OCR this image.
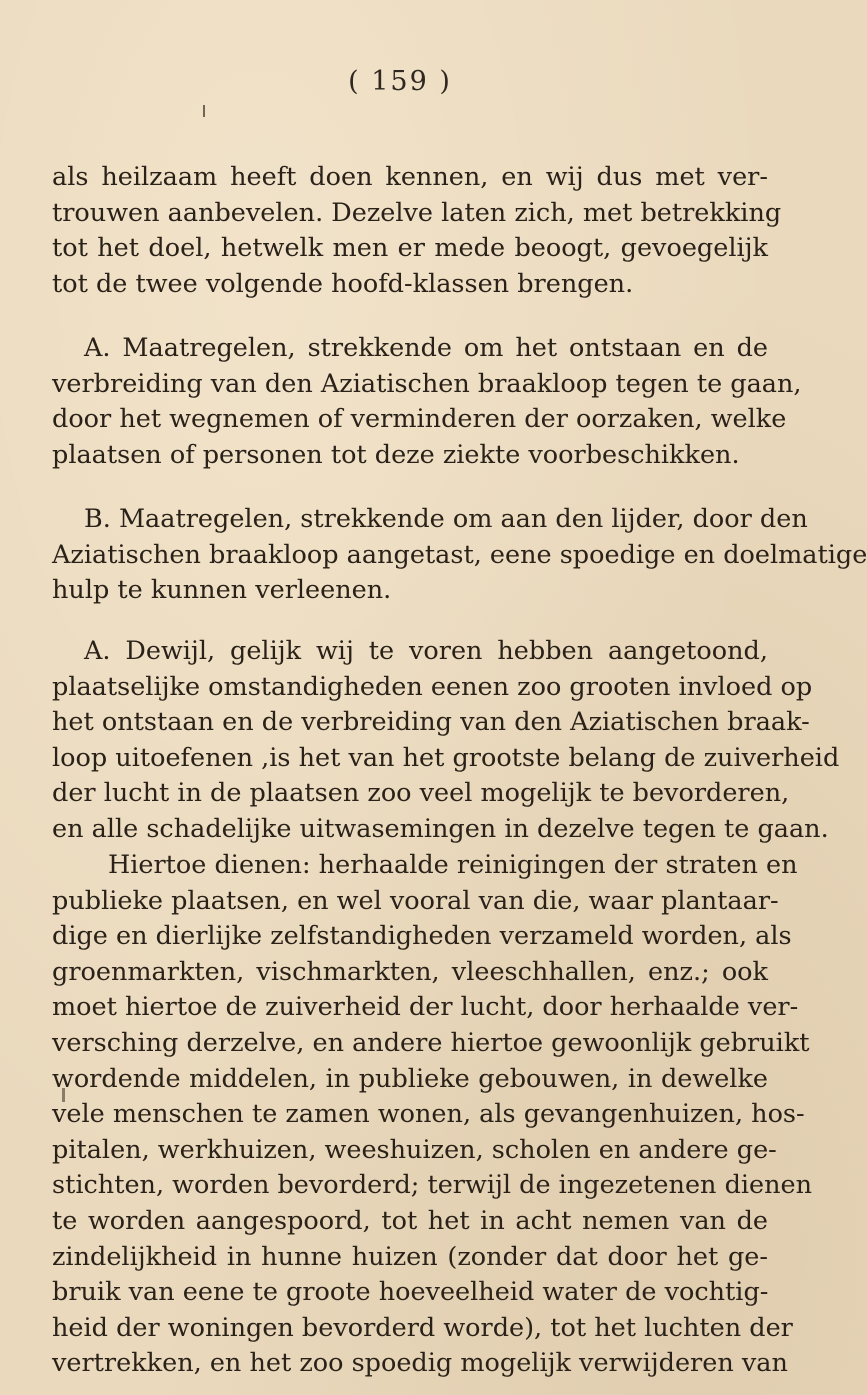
( 159 )
als heilzaam heeft doen kennen, en wij dus met ver-
trouwen aanbevelen. Dezelve laten zich, met betrekking
tot het doel, hetwelk men er mede beoogt, gevoegelijk
tot de twee volgende hoofd-klassen brengen.
A. Maatregelen, strekkende om het ontstaan en de
verbreiding van den Aziatischen braakloop tegen te gaan,
door het wegnemen of verminderen der oorzaken, welke
plaatsen of personen tot deze ziekte voorbeschikken.
B. Maatregelen, strekkende om aan den lijder, door den
Aziatischen braakloop aangetast, eene spoedige en doelmatige
hulp te kunnen verleenen.
A. Dewijl, gelijk wij te voren hebben aangetoond,
plaatselijke omstandigheden eenen zoo grooten invloed op
het ontstaan en de verbreiding van den Aziatischen braak-
loop uitoefenen ,is het van het grootste belang de zuiverheid
der lucht in de plaatsen zoo veel mogelijk te bevorderen,
en alle schadelijke uitwasemingen in dezelve tegen te gaan.
Hiertoe dienen: herhaalde reinigingen der straten en
publieke plaatsen, en wel vooral van die, waar plantaar-
dige en dierlijke zelfstandigheden verzameld worden, als
groenmarkten, vischmarkten, vleeschhallen, enz.; ook
moet hiertoe de zuiverheid der lucht, door herhaalde ver-
versching derzelve, en andere hiertoe gewoonlijk gebruikt
wordende middelen, in publieke gebouwen, in dewelke
vele menschen te zamen wonen, als gevangenhuizen, hos-
pitalen, werkhuizen, weeshuizen, scholen en andere ge-
stichten, worden bevorderd; terwijl de ingezetenen dienen
te worden aangespoord, tot het in acht nemen van de
zindelijkheid in hunne huizen (zonder dat door het ge-
bruik van eene te groote hoeveelheid water de vochtig-
heid der woningen bevorderd worde), tot het luchten der
vertrekken, en het zoo spoedig mogelijk verwijderen van
